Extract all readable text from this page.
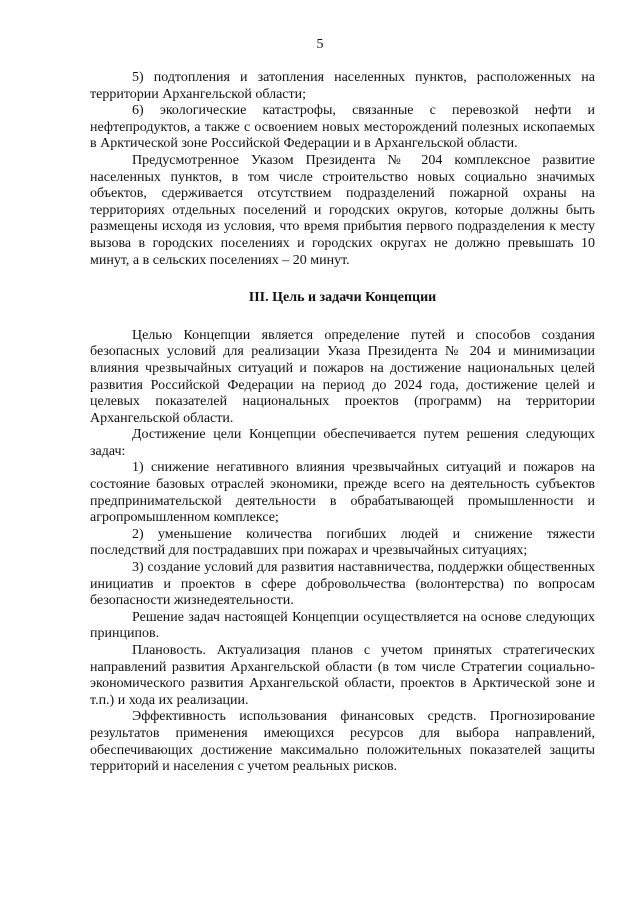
5

5) подтопления и затопления населенных пунктов, расположенных на территории Архангельской области;

6) экологические катастрофы, связанные с перевозкой нефти и нефтепродуктов, а также с освоением новых месторождений полезных ископаемых в Арктической зоне Российской Федерации и в Архангельской области.

Предусмотренное Указом Президента № 204 комплексное развитие населенных пунктов, в том числе строительство новых социально значимых объектов, сдерживается отсутствием подразделений пожарной охраны на территориях отдельных поселений и городских округов, которые должны быть размещены исходя из условия, что время прибытия первого подразделения к месту вызова в городских поселениях и городских округах не должно превышать 10 минут, а в сельских поселениях – 20 минут.

III. Цель и задачи Концепции

Целью Концепции является определение путей и способов создания безопасных условий для реализации Указа Президента № 204 и минимизации влияния чрезвычайных ситуаций и пожаров на достижение национальных целей развития Российской Федерации на период до 2024 года, достижение целей и целевых показателей национальных проектов (программ) на территории Архангельской области.

Достижение цели Концепции обеспечивается путем решения следующих задач:

1) снижение негативного влияния чрезвычайных ситуаций и пожаров на состояние базовых отраслей экономики, прежде всего на деятельность субъектов предпринимательской деятельности в обрабатывающей промышленности и агропромышленном комплексе;

2) уменьшение количества погибших людей и снижение тяжести последствий для пострадавших при пожарах и чрезвычайных ситуациях;

3) создание условий для развития наставничества, поддержки общественных инициатив и проектов в сфере добровольчества (волонтерства) по вопросам безопасности жизнедеятельности.

Решение задач настоящей Концепции осуществляется на основе следующих принципов.

Плановость. Актуализация планов с учетом принятых стратегических направлений развития Архангельской области (в том числе Стратегии социально-экономического развития Архангельской области, проектов в Арктической зоне и т.п.) и хода их реализации.

Эффективность использования финансовых средств. Прогнозирование результатов применения имеющихся ресурсов для выбора направлений, обеспечивающих достижение максимально положительных показателей защиты территорий и населения с учетом реальных рисков.
